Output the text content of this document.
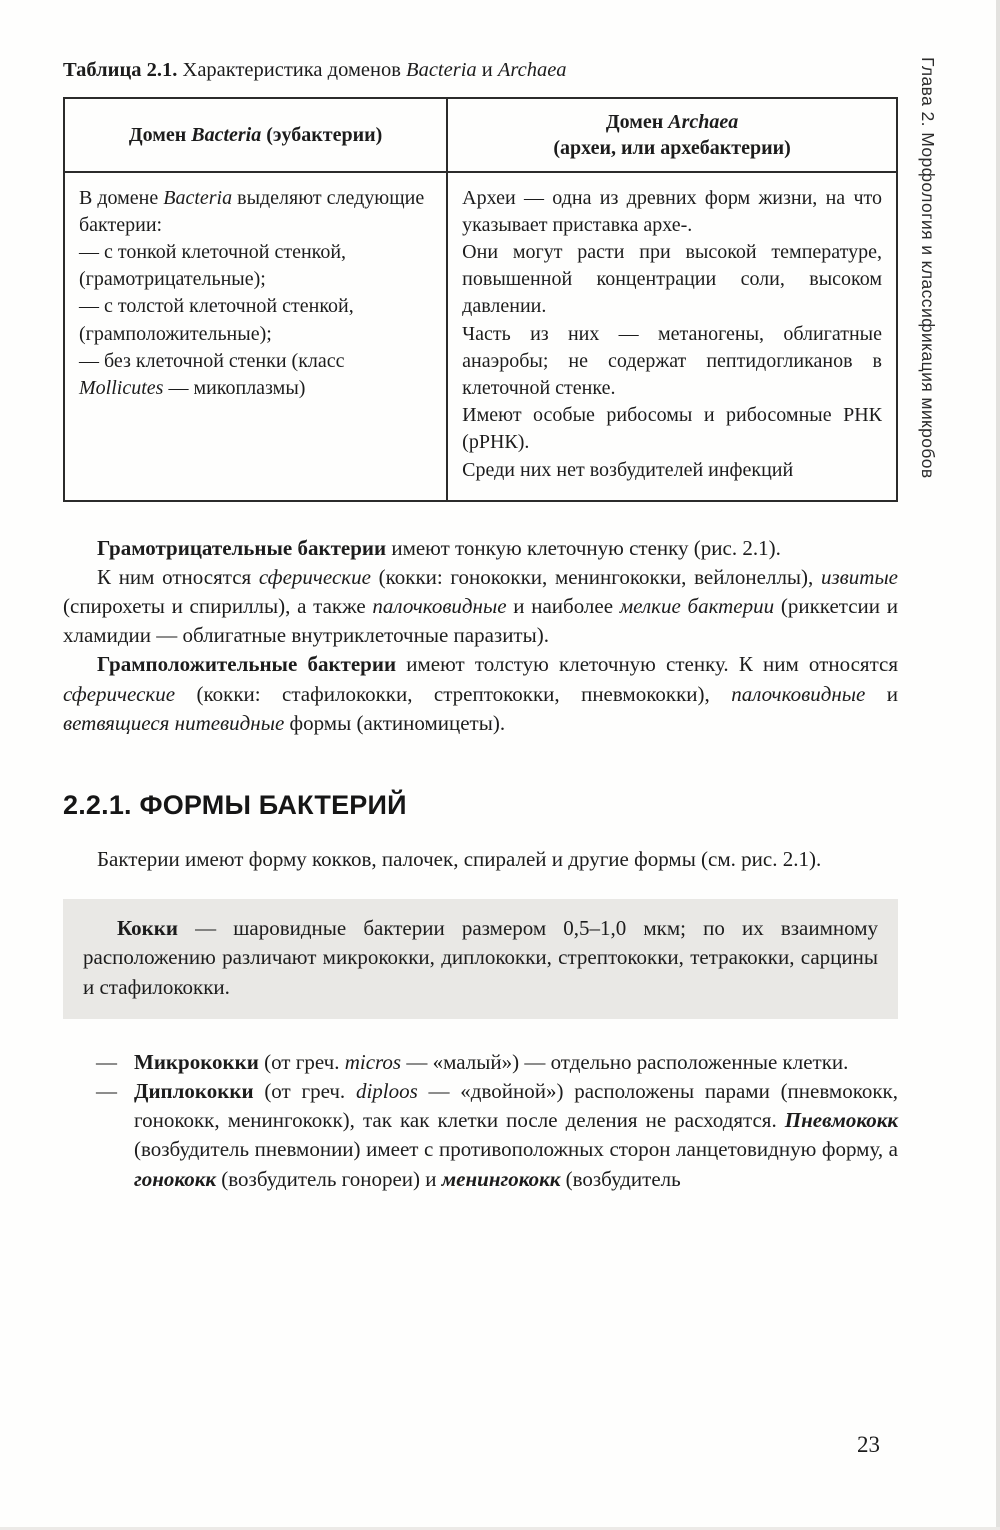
Глава 2. Морфология и классификация микробов

Таблица 2.1. Характеристика доменов Bacteria и Archaea

Домен Bacteria (эубактерии)	Домен Archaea
(археи, или архебактерии)
В домене Bacteria выделяют следующие бактерии:
— с тонкой клеточной стенкой, (грамотрицательные);
— с толстой клеточной стенкой, (грамположительные);
— без клеточной стенки (класс Mollicutes — микоплазмы)	Археи — одна из древних форм жизни, на что указывает приставка архе-.
Они могут расти при высокой температуре, повышенной концентрации соли, высоком давлении.
Часть из них — метаногены, облигатные анаэробы; не содержат пептидогликанов в клеточной стенке.
Имеют особые рибосомы и рибосомные РНК (рРНК).
Среди них нет возбудителей инфекций

Грамотрицательные бактерии имеют тонкую клеточную стенку (рис. 2.1).

К ним относятся сферические (кокки: гонококки, менингококки, вейлонеллы), извитые (спирохеты и спириллы), а также палочковидные и наиболее мелкие бактерии (риккетсии и хламидии — облигатные внутриклеточные паразиты).

Грамположительные бактерии имеют толстую клеточную стенку. К ним относятся сферические (кокки: стафилококки, стрептококки, пневмококки), палочковидные и ветвящиеся нитевидные формы (актиномицеты).

2.2.1. ФОРМЫ БАКТЕРИЙ

Бактерии имеют форму кокков, палочек, спиралей и другие формы (см. рис. 2.1).

Кокки — шаровидные бактерии размером 0,5–1,0 мкм; по их взаимному расположению различают микрококки, диплококки, стрептококки, тетракокки, сарцины и стафилококки.

— Микрококки (от греч. micros — «малый») — отдельно расположенные клетки.
— Диплококки (от греч. diploos — «двойной») расположены парами (пневмококк, гонококк, менингококк), так как клетки после деления не расходятся. Пневмококк (возбудитель пневмонии) имеет с противоположных сторон ланцетовидную форму, а гонококк (возбудитель гонореи) и менингококк (возбудитель
23
